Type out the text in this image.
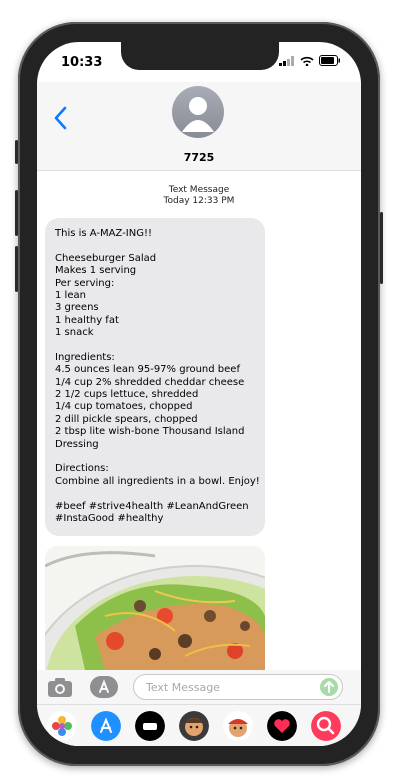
10:33
7725
Text Message
Today 12:33 PM
This is A-MAZ-ING!!
Cheeseburger Salad
Makes 1 serving
Per serving:
1 lean
3 greens
1 healthy fat
1 snack
Ingredients:
4.5 ounces lean 95-97% ground beef
1/4 cup 2% shredded cheddar cheese
2 1/2 cups lettuce, shredded
1/4 cup tomatoes, chopped
2 dill pickle spears, chopped
2 tbsp lite wish-bone Thousand Island
Dressing
Directions:
Combine all ingredients in a bowl. Enjoy!
#beef #strive4health #LeanAndGreen
#InstaGood #healthy
Text Message
